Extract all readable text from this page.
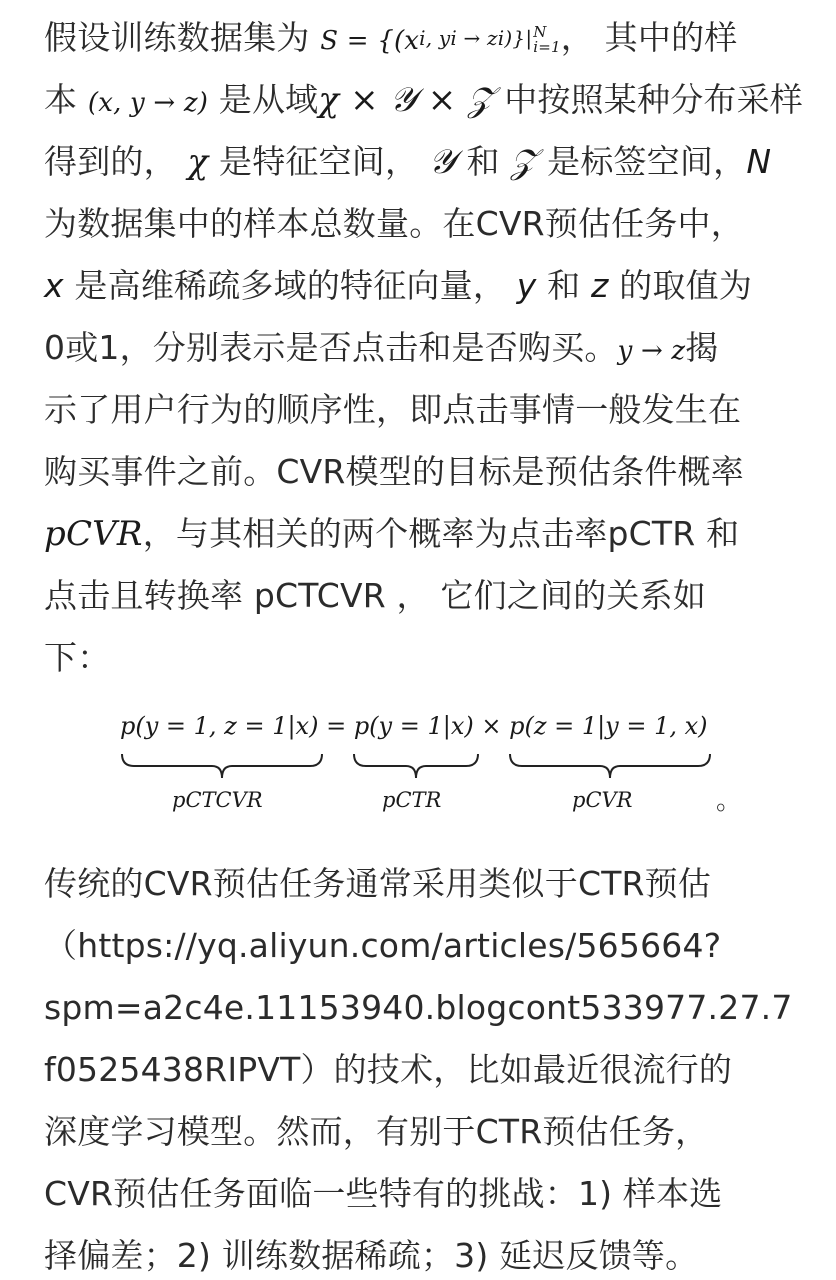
假设训练数据集为 S = {(xi, yi → zi)}| N
i=1 ， 其中的样
本 (x, y → z) 是从域χ × 𝒴 × 𝒵 中按照某种分布采样
得到的， χ 是特征空间， 𝒴 和 𝒵 是标签空间，N
为数据集中的样本总数量。在CVR预估任务中，
x 是高维稀疏多域的特征向量， y 和 z 的取值为
0或1，分别表示是否点击和是否购买。y → z揭
示了用户行为的顺序性，即点击事情一般发生在
购买事件之前。CVR模型的目标是预估条件概率
pCVR，与其相关的两个概率为点击率pCTR 和
点击且转换率 pCTCVR ， 它们之间的关系如
下：
p(y = 1, z = 1|x) = p(y = 1|x) × p(z = 1|y = 1, x)
pCTCVR	pCTR	pCVR	。
传统的CVR预估任务通常采用类似于CTR预估
（https://yq.aliyun.com/articles/565664?
spm=a2c4e.11153940.blogcont533977.27.7
f0525438RIPVT）的技术，比如最近很流行的
深度学习模型。然而，有别于CTR预估任务，
CVR预估任务面临一些特有的挑战：1) 样本选
择偏差；2) 训练数据稀疏；3) 延迟反馈等。
